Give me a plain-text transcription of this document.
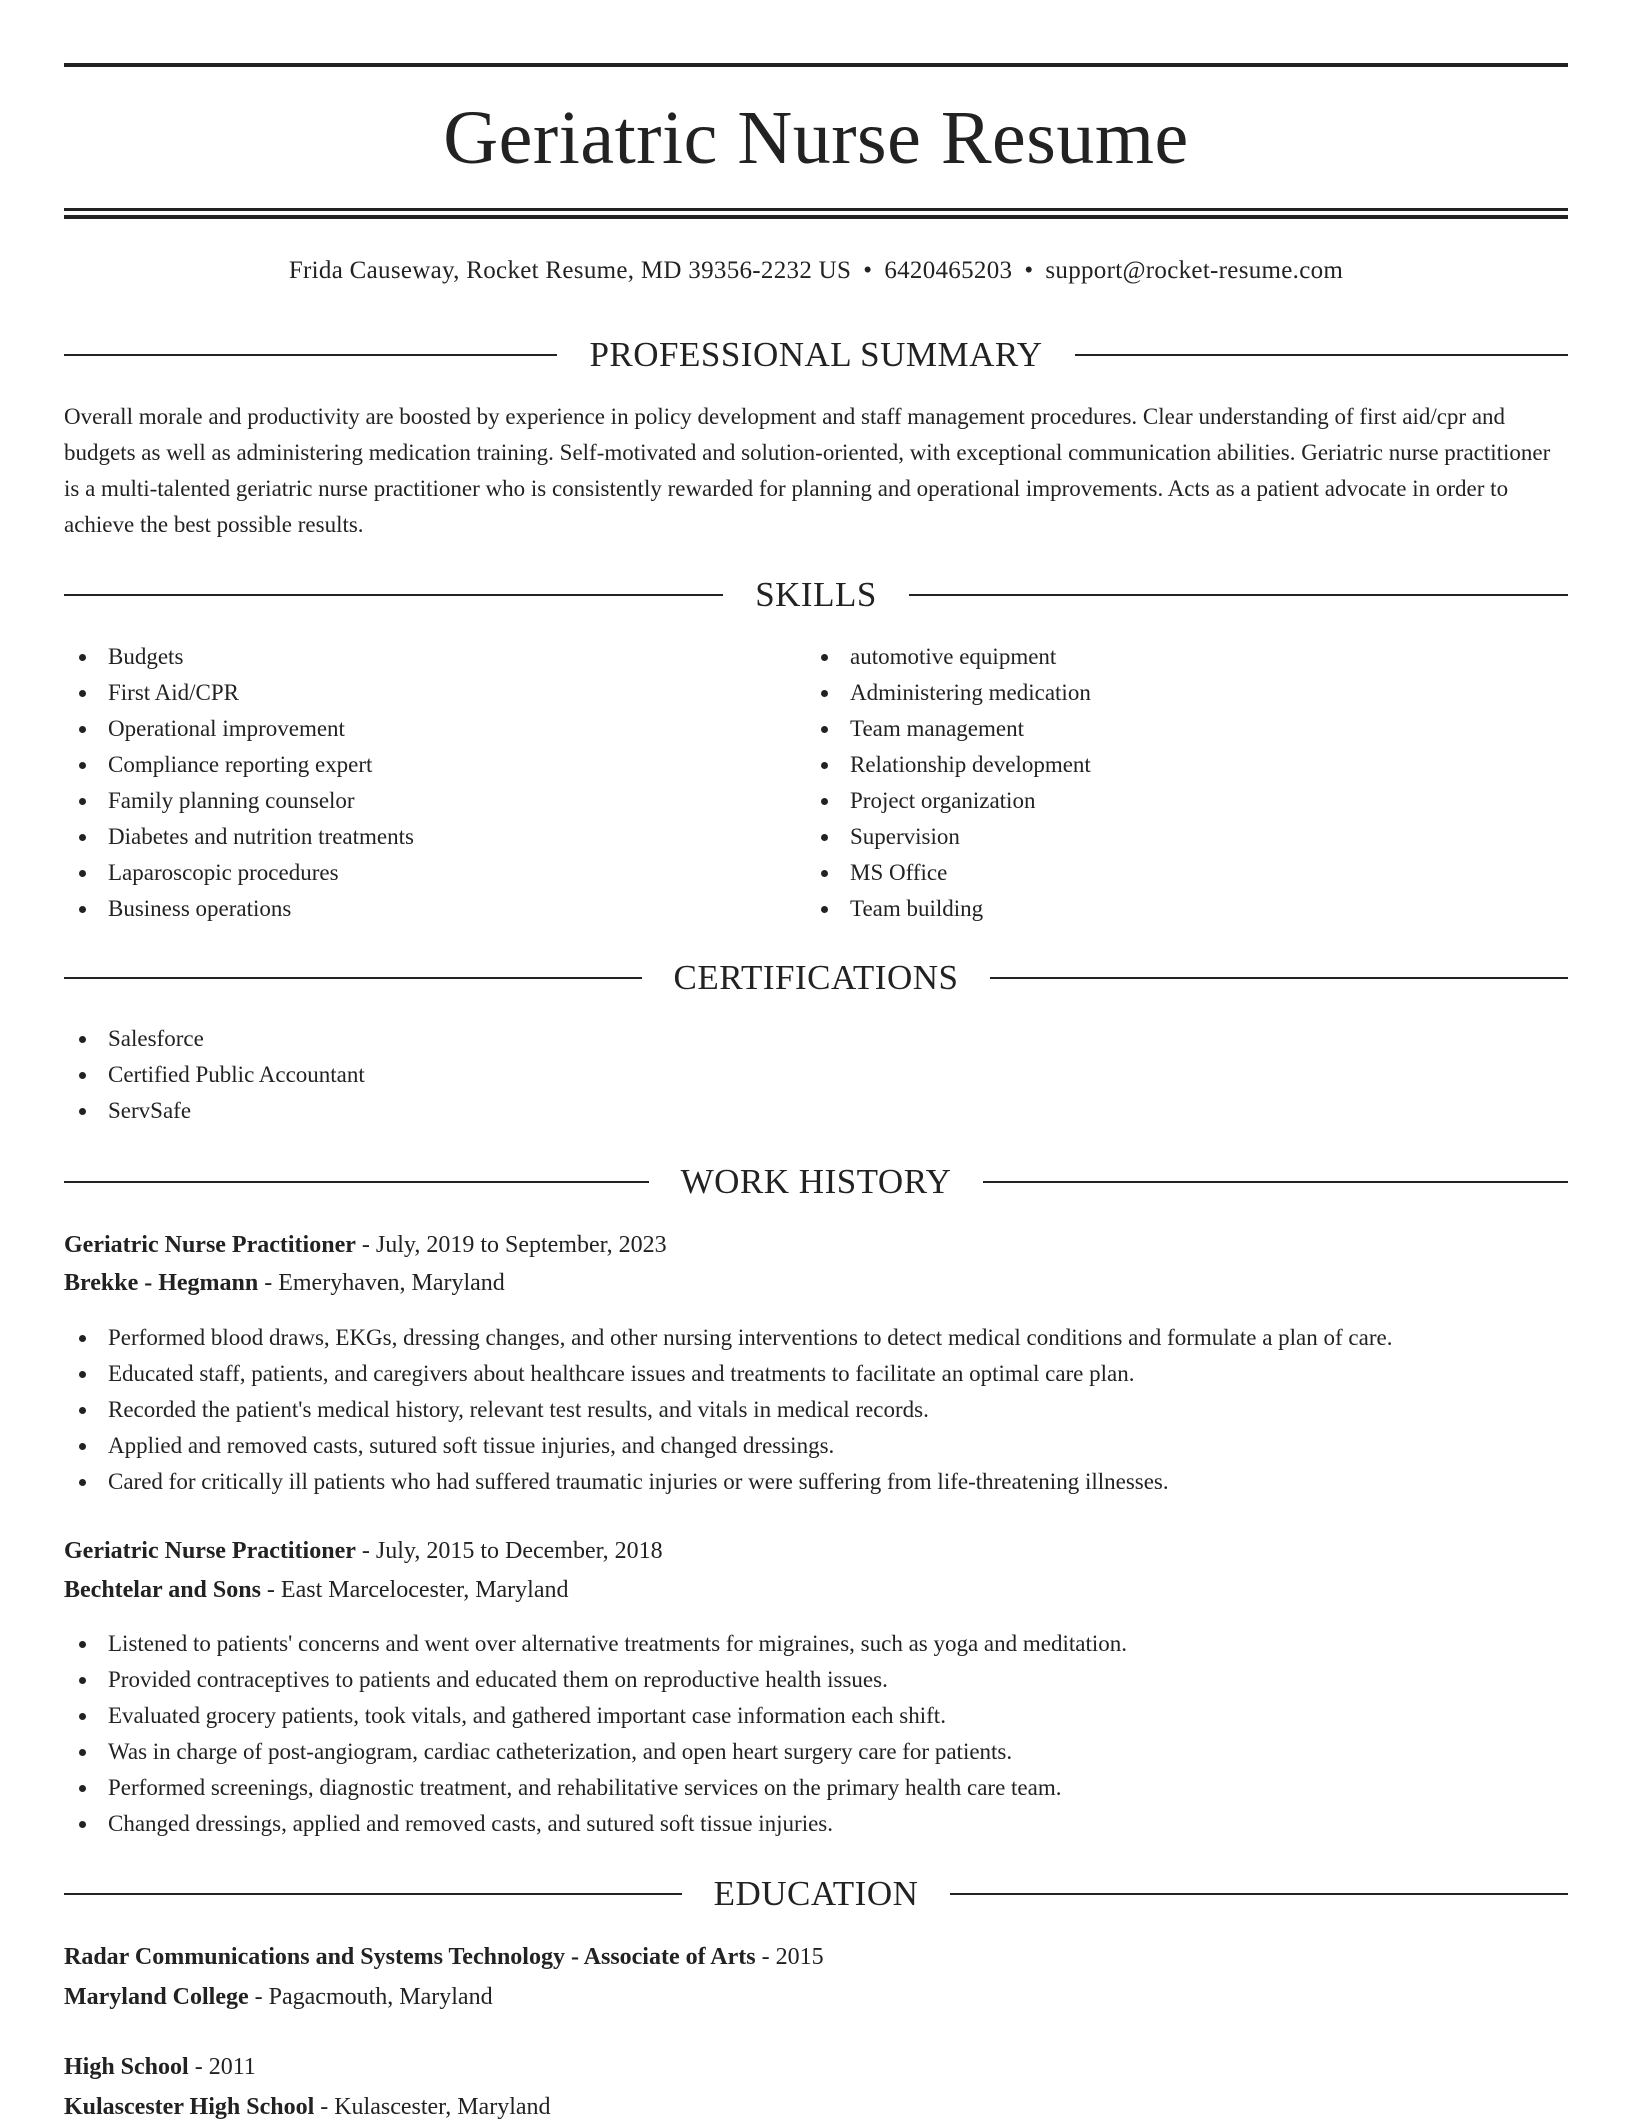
Geriatric Nurse Resume
Frida Causeway, Rocket Resume, MD 39356-2232 US • 6420465203 • support@rocket-resume.com
PROFESSIONAL SUMMARY

Overall morale and productivity are boosted by experience in policy development and staff management procedures. Clear understanding of first aid/cpr and budgets as well as administering medication training. Self-motivated and solution-oriented, with exceptional communication abilities. Geriatric nurse practitioner is a multi-talented geriatric nurse practitioner who is consistently rewarded for planning and operational improvements. Acts as a patient advocate in order to achieve the best possible results.

SKILLS
Budgets
First Aid/CPR
Operational improvement
Compliance reporting expert
Family planning counselor
Diabetes and nutrition treatments
Laparoscopic procedures
Business operations
automotive equipment
Administering medication
Team management
Relationship development
Project organization
Supervision
MS Office
Team building
CERTIFICATIONS
Salesforce
Certified Public Accountant
ServSafe
WORK HISTORY
Geriatric Nurse Practitioner - July, 2019 to September, 2023
Brekke - Hegmann - Emeryhaven, Maryland
Performed blood draws, EKGs, dressing changes, and other nursing interventions to detect medical conditions and formulate a plan of care.
Educated staff, patients, and caregivers about healthcare issues and treatments to facilitate an optimal care plan.
Recorded the patient's medical history, relevant test results, and vitals in medical records.
Applied and removed casts, sutured soft tissue injuries, and changed dressings.
Cared for critically ill patients who had suffered traumatic injuries or were suffering from life-threatening illnesses.
Geriatric Nurse Practitioner - July, 2015 to December, 2018
Bechtelar and Sons - East Marcelocester, Maryland
Listened to patients' concerns and went over alternative treatments for migraines, such as yoga and meditation.
Provided contraceptives to patients and educated them on reproductive health issues.
Evaluated grocery patients, took vitals, and gathered important case information each shift.
Was in charge of post-angiogram, cardiac catheterization, and open heart surgery care for patients.
Performed screenings, diagnostic treatment, and rehabilitative services on the primary health care team.
Changed dressings, applied and removed casts, and sutured soft tissue injuries.
EDUCATION
Radar Communications and Systems Technology - Associate of Arts - 2015
Maryland College - Pagacmouth, Maryland
High School - 2011
Kulascester High School - Kulascester, Maryland
